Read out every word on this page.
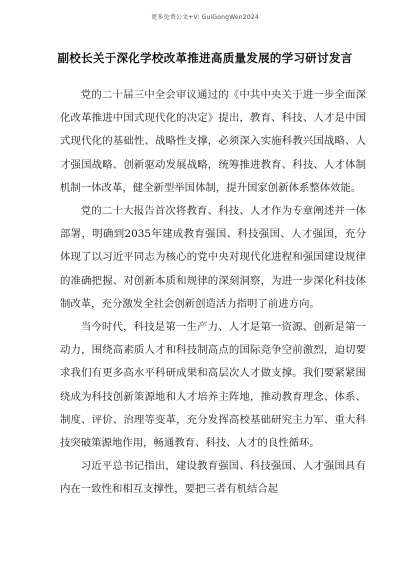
更多免费公文+V: GuiGongWen2024
副校长关于深化学校改革推进高质量发展的学习研讨发言

党的二十届三中全会审议通过的《中共中央关于进一步全面深化改革推进中国式现代化的决定》提出，教育、科技、人才是中国式现代化的基础性、战略性支撑，必须深入实施科教兴国战略、人才强国战略、创新驱动发展战略，统筹推进教育、科技、人才体制机制一体改革，健全新型举国体制，提升国家创新体系整体效能。

党的二十大报告首次将教育、科技、人才作为专章阐述并一体部署，明确到2035年建成教育强国、科技强国、人才强国，充分体现了以习近平同志为核心的党中央对现代化进程和强国建设规律的准确把握、对创新本质和规律的深刻洞察，为进一步深化科技体制改革，充分激发全社会创新创造活力指明了前进方向。

当今时代，科技是第一生产力、人才是第一资源、创新是第一动力，围绕高素质人才和科技制高点的国际竞争空前激烈，迫切要求我们有更多高水平科研成果和高层次人才做支撑。我们要紧紧围绕成为科技创新策源地和人才培养主阵地，推动教育理念、体系、制度、评价、治理等变革，充分发挥高校基础研究主力军、重大科技突破策源地作用，畅通教育、科技、人才的良性循环。

习近平总书记指出，建设教育强国、科技强国、人才强国具有内在一致性和相互支撑性，要把三者有机结合起
